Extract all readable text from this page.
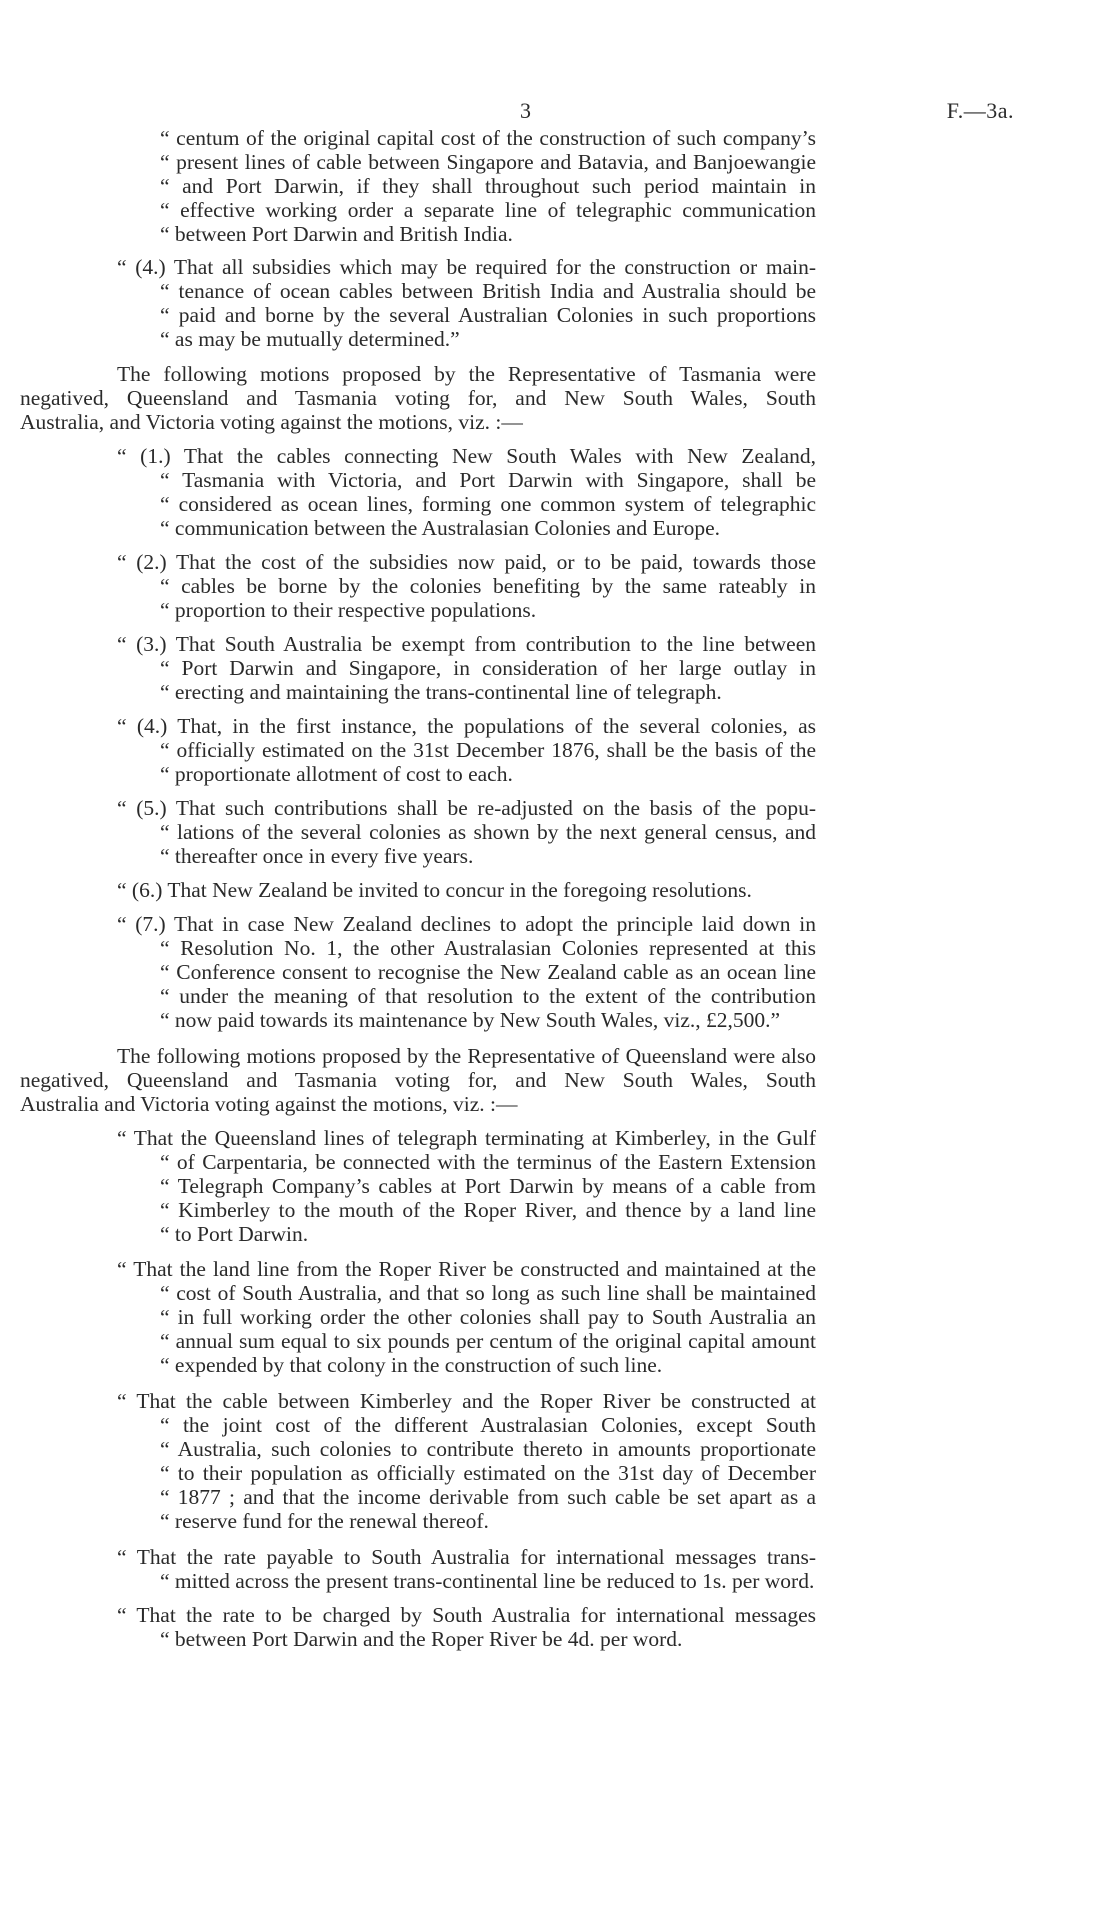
3	F.—3a.
“ centum of the original capital cost of the construction of such company’s
“ present lines of cable between Singapore and Batavia, and Banjoewangie
“ and Port Darwin, if they shall throughout such period maintain in
“ effective working order a separate line of telegraphic communication
“ between Port Darwin and British India.
“ (4.) That all subsidies which may be required for the construction or main-
“ tenance of ocean cables between British India and Australia should be
“ paid and borne by the several Australian Colonies in such proportions
“ as may be mutually determined.”
The following motions proposed by the Representative of Tasmania were
negatived, Queensland and Tasmania voting for, and New South Wales, South
Australia, and Victoria voting against the motions, viz. :—
“ (1.) That the cables connecting New South Wales with New Zealand,
“ Tasmania with Victoria, and Port Darwin with Singapore, shall be
“ considered as ocean lines, forming one common system of telegraphic
“ communication between the Australasian Colonies and Europe.
“ (2.) That the cost of the subsidies now paid, or to be paid, towards those
“ cables be borne by the colonies benefiting by the same rateably in
“ proportion to their respective populations.
“ (3.) That South Australia be exempt from contribution to the line between
“ Port Darwin and Singapore, in consideration of her large outlay in
“ erecting and maintaining the trans-continental line of telegraph.
“ (4.) That, in the first instance, the populations of the several colonies, as
“ officially estimated on the 31st December 1876, shall be the basis of the
“ proportionate allotment of cost to each.
“ (5.) That such contributions shall be re-adjusted on the basis of the popu-
“ lations of the several colonies as shown by the next general census, and
“ thereafter once in every five years.
“ (6.) That New Zealand be invited to concur in the foregoing resolutions.
“ (7.) That in case New Zealand declines to adopt the principle laid down in
“ Resolution No. 1, the other Australasian Colonies represented at this
“ Conference consent to recognise the New Zealand cable as an ocean line
“ under the meaning of that resolution to the extent of the contribution
“ now paid towards its maintenance by New South Wales, viz., £2,500.”
The following motions proposed by the Representative of Queensland were also
negatived, Queensland and Tasmania voting for, and New South Wales, South
Australia and Victoria voting against the motions, viz. :—
“ That the Queensland lines of telegraph terminating at Kimberley, in the Gulf
“ of Carpentaria, be connected with the terminus of the Eastern Extension
“ Telegraph Company’s cables at Port Darwin by means of a cable from
“ Kimberley to the mouth of the Roper River, and thence by a land line
“ to Port Darwin.
“ That the land line from the Roper River be constructed and maintained at the
“ cost of South Australia, and that so long as such line shall be maintained
“ in full working order the other colonies shall pay to South Australia an
“ annual sum equal to six pounds per centum of the original capital amount
“ expended by that colony in the construction of such line.
“ That the cable between Kimberley and the Roper River be constructed at
“ the joint cost of the different Australasian Colonies, except South
“ Australia, such colonies to contribute thereto in amounts proportionate
“ to their population as officially estimated on the 31st day of December
“ 1877 ; and that the income derivable from such cable be set apart as a
“ reserve fund for the renewal thereof.
“ That the rate payable to South Australia for international messages trans-
“ mitted across the present trans-continental line be reduced to 1s. per word.
“ That the rate to be charged by South Australia for international messages
“ between Port Darwin and the Roper River be 4d. per word.
